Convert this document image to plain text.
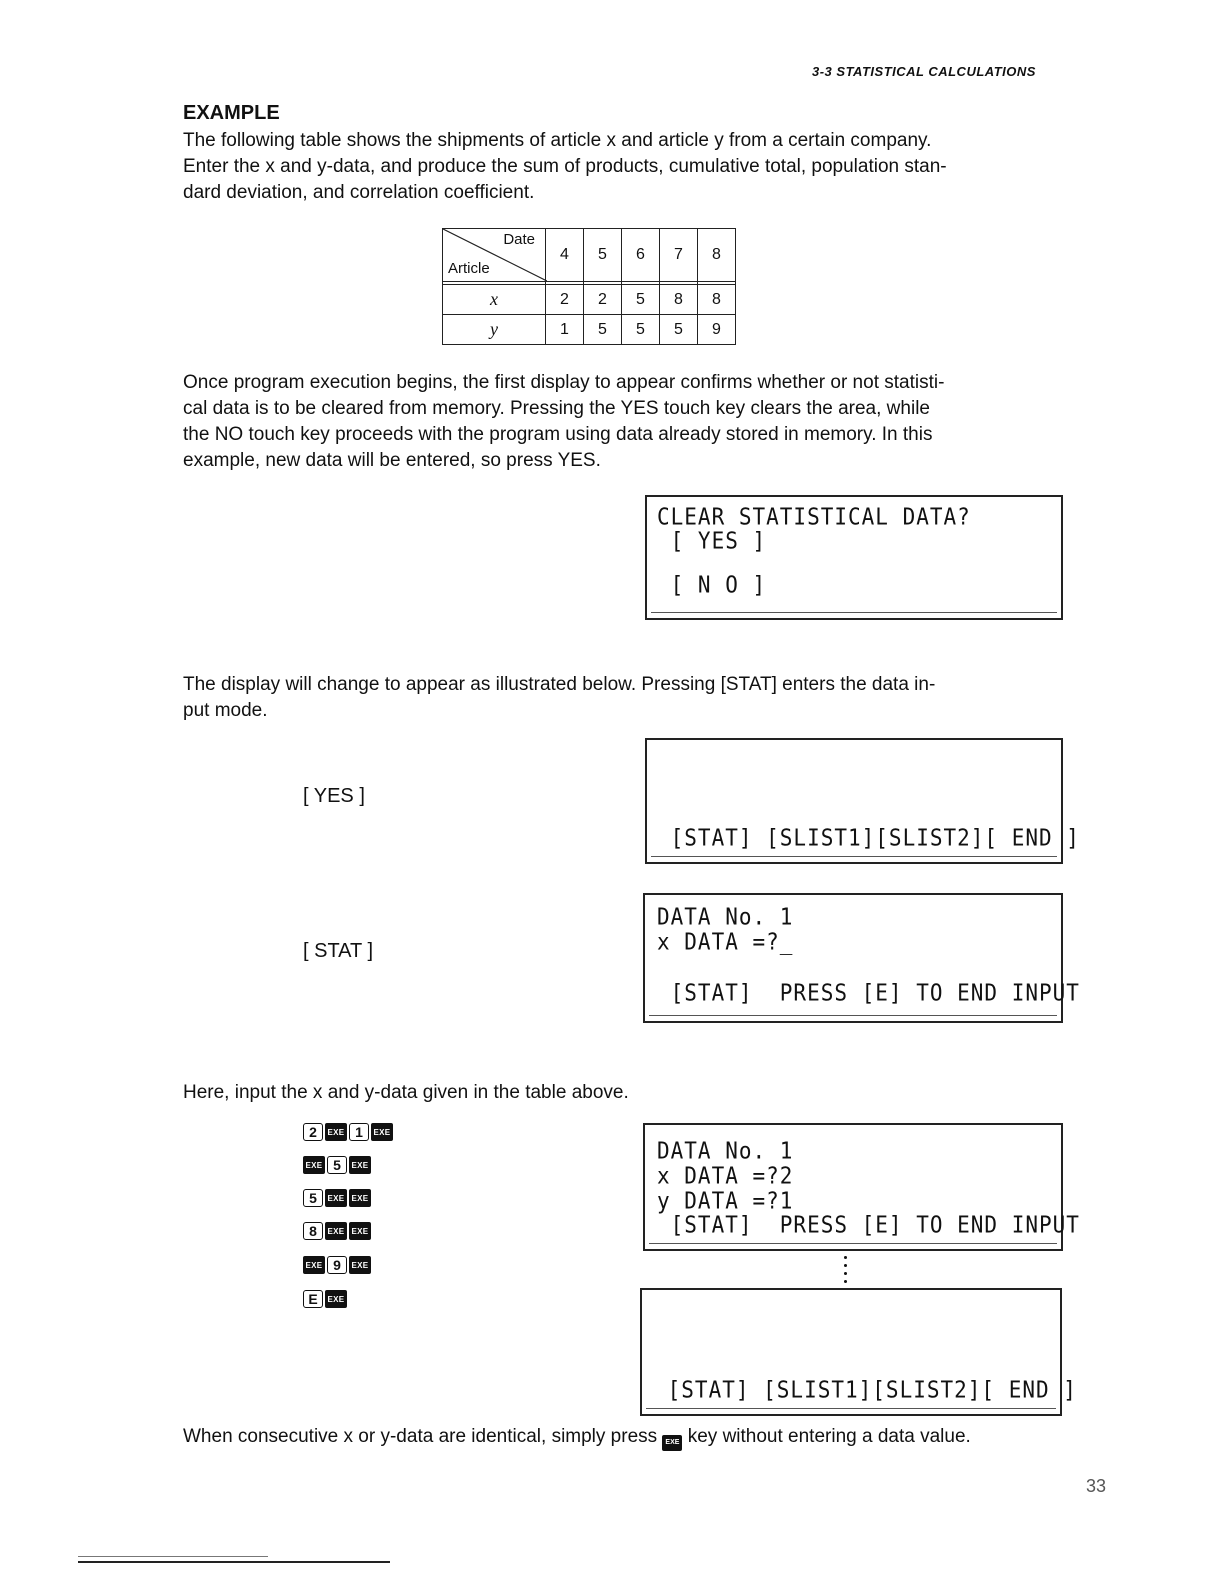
3-3 STATISTICAL CALCULATIONS
EXAMPLE

The following table shows the shipments of article x and article y from a certain company.

Enter the x and y-data, and produce the sum of products, cumulative total, population stan-

dard deviation, and correlation coefficient.

Date
Article	4	5	6	7	8

x	2	2	5	8	8
y	1	5	5	5	9

Once program execution begins, the first display to appear confirms whether or not statisti-

cal data is to be cleared from memory. Pressing the YES touch key clears the area, while

the NO touch key proceeds with the program using data already stored in memory. In this

example, new data will be entered, so press YES.

CLEAR STATISTICAL DATA?
[ YES ]
[ N O ]

The display will change to appear as illustrated below. Pressing [STAT] enters the data in-

put mode.

[ YES ]
[STAT] [SLIST1][SLIST2][ END ]
[ STAT ]
DATA No. 1
x DATA =?_
[STAT]  PRESS [E] TO END INPUT
Here, input the x and y-data given in the table above.
2	EXE 1	EXE
EXE 5	EXE
5	EXE EXE
8	EXE EXE
EXE 9	EXE
E	EXE
DATA No. 1
x DATA =?2
y DATA =?1
[STAT]  PRESS [E] TO END INPUT
[STAT] [SLIST1][SLIST2][ END ]
When consecutive x or y-data are identical, simply press EXE key without entering a data value.
33
